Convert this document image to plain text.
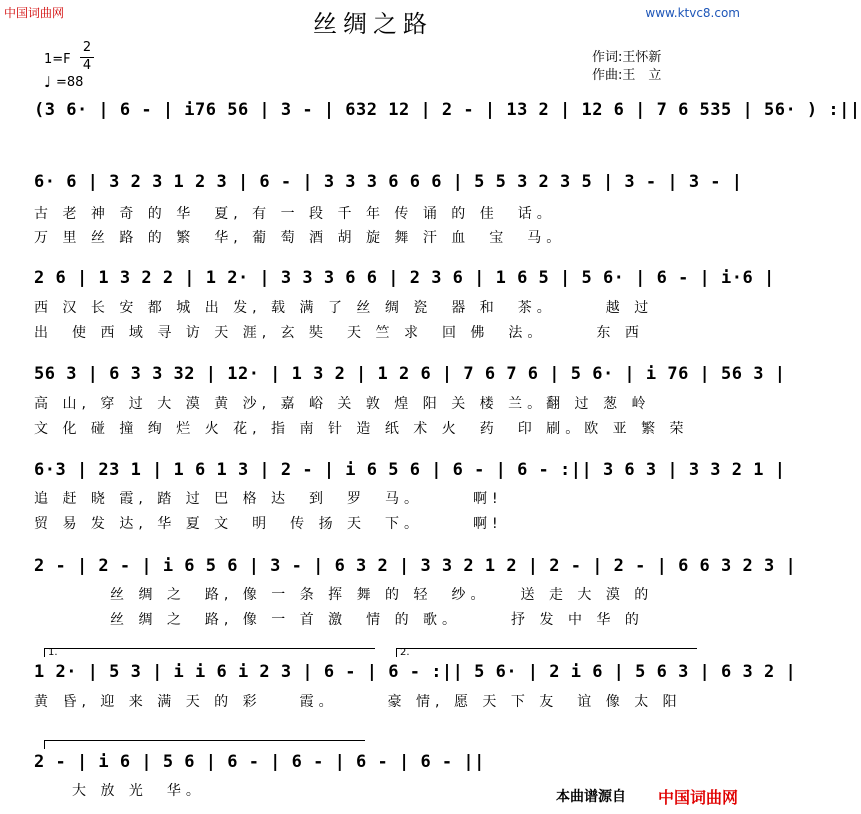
中国词曲网	www.ktvc8.com
丝绸之路
1=F
2
4
♩ =88
作词:王怀新
作曲:王　立
(3 6· | 6 - | i76 56 | 3 - | 632 12 | 2 - | 13 2 | 12 6 | 7 6 535 | 56· ) :||
6· 6 | 3 2 3 1 2 3 | 6 - | 3 3 3 6 6 6 | 5 5 3 2 3 5 | 3 - | 3 - |
古 老 神 奇 的 华　夏, 有 一 段 千 年 传 诵 的 佳　话。
万 里 丝 路 的 繁　华, 葡 萄 酒 胡 旋 舞 汗 血　宝　马。
2 6 | 1 3 2 2 | 1 2· | 3 3 3 6 6 | 2 3 6 | 1 6 5 | 5 6· | 6 - | i·6 |
西 汉 长 安 都 城 出 发, 载 满 了 丝 绸 瓷　器 和　茶。　　　越 过
出　使 西 域 寻 访 天 涯, 玄 奘　天 竺 求　回 佛　法。　　　东 西
56 3 | 6 3 3 32 | 12· | 1 3 2 | 1 2 6 | 7 6 7 6 | 5 6· | i 76 | 56 3 |
高 山, 穿 过 大 漠 黄 沙, 嘉 峪 关 敦 煌 阳 关 楼 兰。翻 过 葱 岭
文 化 碰 撞 绚 烂 火 花, 指 南 针 造 纸 术 火　药　印 刷。欧 亚 繁 荣
6·3 | 23 1 | 1 6 1 3 | 2 - | i 6 5 6 | 6 - | 6 - :|| 3 6 3 | 3 3 2 1 |
追 赶 晓 霞, 踏 过 巴 格 达　到　罗　马。　　　啊!
贸 易 发 达, 华 夏 文　明　传 扬 天　下。　　　啊!
2 - | 2 - | i 6 5 6 | 3 - | 6 3 2 | 3 3 2 1 2 | 2 - | 2 - | 6 6 3 2 3 |
　　　　丝 绸 之　路, 像 一 条 挥 舞 的 轻　纱。　　送 走 大 漠 的
　　　　丝 绸 之　路, 像 一 首 激　情 的 歌。　　　抒 发 中 华 的
1.	2.
1 2· | 5 3 | i i 6 i 2 3 | 6 - | 6 - :|| 5 6· | 2 i 6 | 5 6 3 | 6 3 2 |
黄 昏, 迎 来 满 天 的 彩　　霞。　　　豪 情, 愿 天 下 友　谊 像 太 阳
2 - | i 6 | 5 6 | 6 - | 6 - | 6 - | 6 - ||
　　大 放 光　华。	本曲谱源自 中国词曲网
